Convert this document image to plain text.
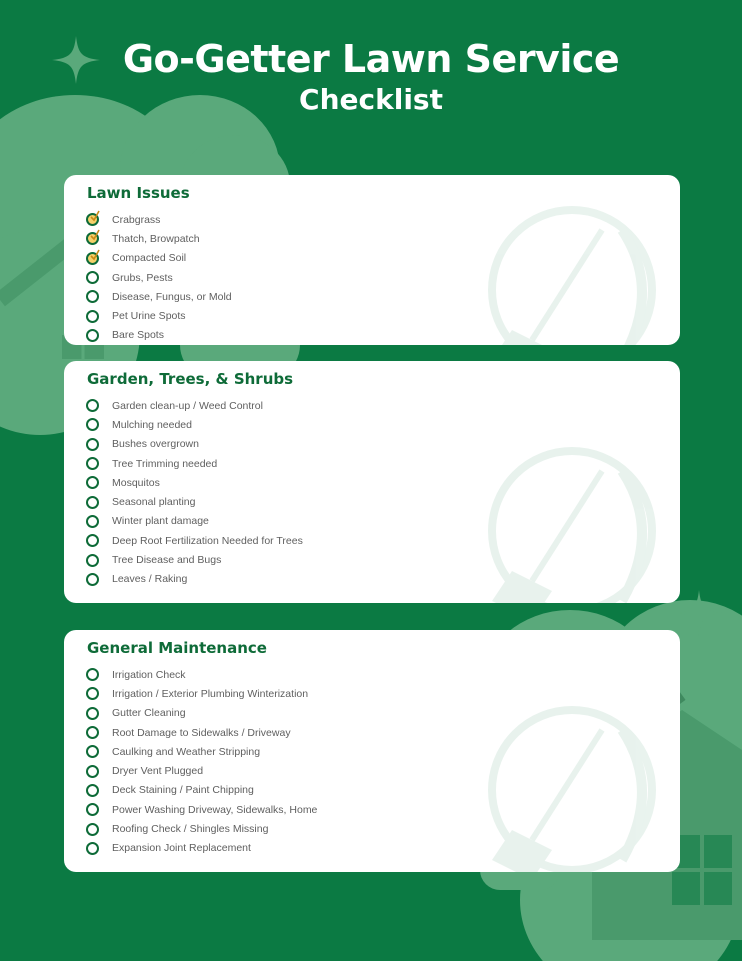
Go-Getter Lawn Service
Checklist
Lawn Issues
Crabgrass
Thatch, Browpatch
Compacted Soil
Grubs, Pests
Disease, Fungus, or Mold
Pet Urine Spots
Bare Spots
Garden, Trees, & Shrubs
Garden clean-up / Weed Control
Mulching needed
Bushes overgrown
Tree Trimming needed
Mosquitos
Seasonal planting
Winter plant damage
Deep Root Fertilization Needed for Trees
Tree Disease and Bugs
Leaves / Raking
General Maintenance
Irrigation Check
Irrigation / Exterior Plumbing Winterization
Gutter Cleaning
Root Damage to Sidewalks / Driveway
Caulking and Weather Stripping
Dryer Vent Plugged
Deck Staining / Paint Chipping
Power Washing Driveway, Sidewalks, Home
Roofing Check / Shingles Missing
Expansion Joint Replacement
